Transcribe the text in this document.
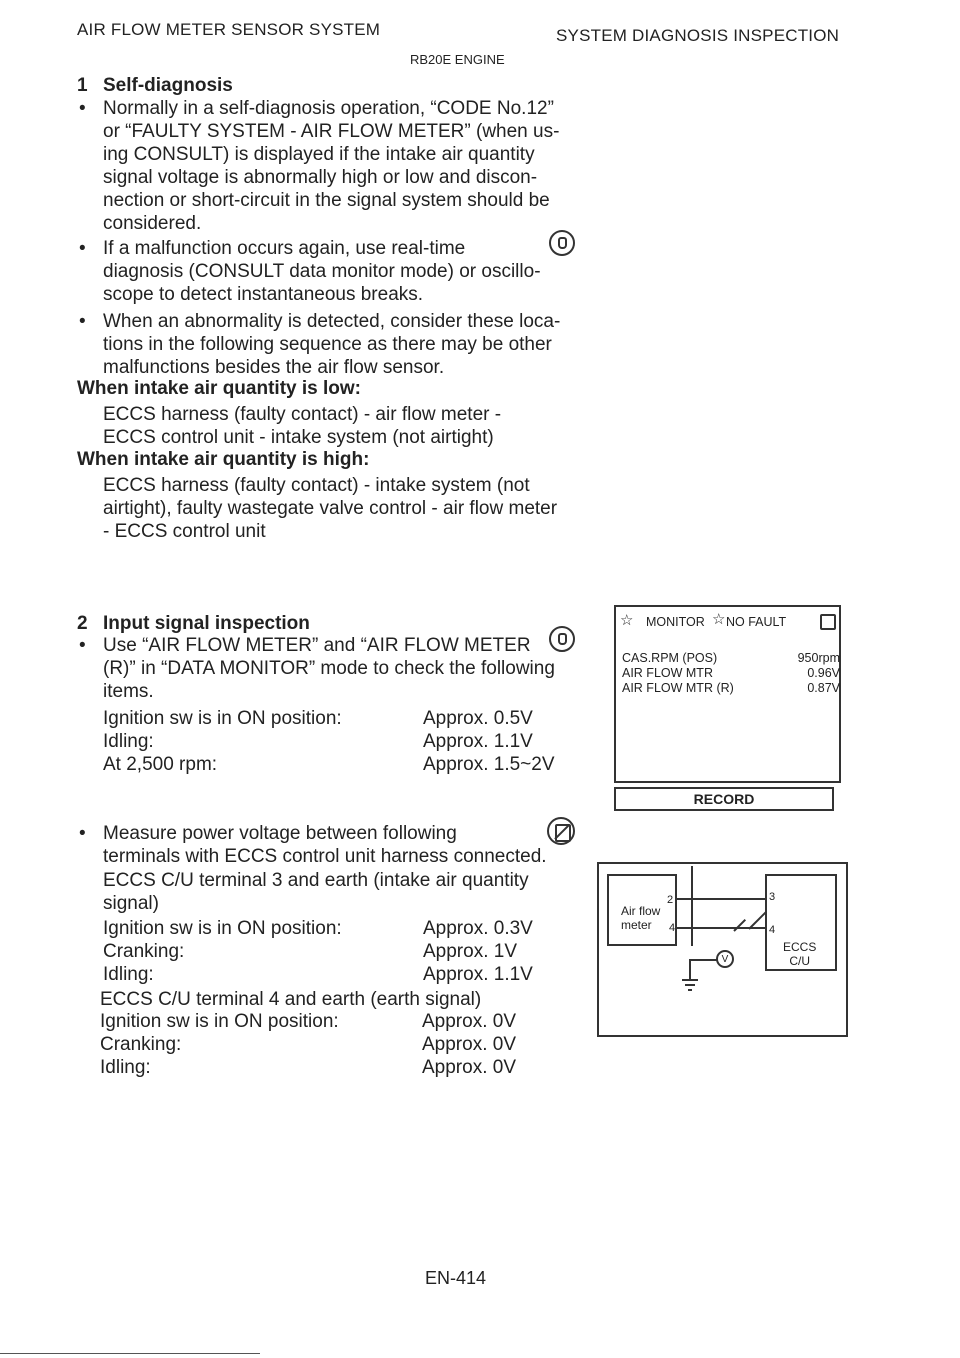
AIR FLOW METER SENSOR SYSTEM	SYSTEM DIAGNOSIS INSPECTION
RB20E ENGINE
1 Self-diagnosis
• Normally in a self-diagnosis operation, “CODE No.12”
or “FAULTY SYSTEM - AIR FLOW METER” (when us-
ing CONSULT) is displayed if the intake air quantity
signal voltage is abnormally high or low and discon-
nection or short-circuit in the signal system should be
considered.
• If a malfunction occurs again, use real-time
diagnosis (CONSULT data monitor mode) or oscillo-
scope to detect instantaneous breaks.
• When an abnormality is detected, consider these loca-
tions in the following sequence as there may be other
malfunctions besides the air flow sensor.
When intake air quantity is low:
ECCS harness (faulty contact) - air flow meter -
ECCS control unit - intake system (not airtight)
When intake air quantity is high:
ECCS harness (faulty contact) - intake system (not
airtight), faulty wastegate valve control - air flow meter
- ECCS control unit
2 Input signal inspection
• Use “AIR FLOW METER” and “AIR FLOW METER
(R)” in “DATA MONITOR” mode to check the following
items.
Ignition sw is in ON position:	Approx. 0.5V
Idling:	Approx. 1.1V
At 2,500 rpm:	Approx. 1.5~2V
• Measure power voltage between following
terminals with ECCS control unit harness connected.
ECCS C/U terminal 3 and earth (intake air quantity
signal)
Ignition sw is in ON position:	Approx. 0.3V
Cranking:	Approx. 1V
Idling:	Approx. 1.1V
ECCS C/U terminal 4 and earth (earth signal)
Ignition sw is in ON position:	Approx. 0V
Cranking:	Approx. 0V
Idling:	Approx. 0V
☆ MONITOR ☆ NO FAULT
CAS.RPM (POS)	950rpm
AIR FLOW MTR	0.96V
AIR FLOW MTR (R)	0.87V
RECORD
Air flow
meter
ECCS
C/U
2
4
3
4
V
EN-414
